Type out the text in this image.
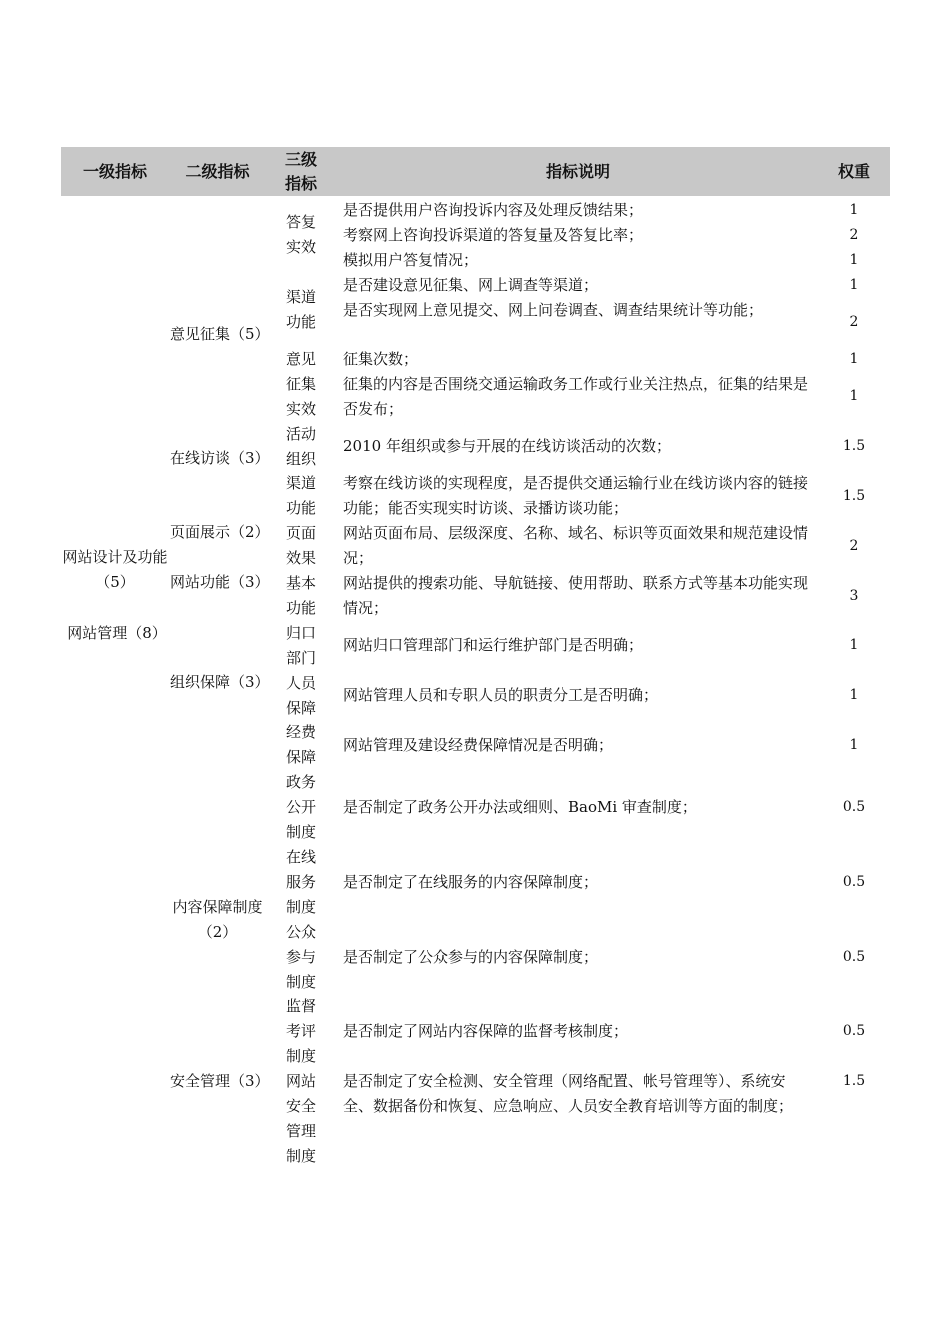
一级指标	二级指标
三级指标
指标说明	权重
网站设计及功能（5）
网站管理（8）
意见征集（5）
在线访谈（3）
页面展示（2）
网站功能（3）
组织保障（3）
内容保障制度（2）
安全管理（3）
答复实效
渠道功能
意见征集实效
活动组织
渠道功能
页面效果
基本功能
归口部门
人员保障
经费保障
政务公开制度
在线服务制度
公众参与制度
监督考评制度
网站安全管理制度
是否提供用户咨询投诉内容及处理反馈结果；
考察网上咨询投诉渠道的答复量及答复比率；
模拟用户答复情况；
是否建设意见征集、网上调查等渠道；
是否实现网上意见提交、网上问卷调查、调查结果统计等功能；
征集次数；
征集的内容是否围绕交通运输政务工作或行业关注热点，征集的结果是否发布；
2010 年组织或参与开展的在线访谈活动的次数；
考察在线访谈的实现程度，是否提供交通运输行业在线访谈内容的链接功能；能否实现实时访谈、录播访谈功能；
网站页面布局、层级深度、名称、域名、标识等页面效果和规范建设情况；
网站提供的搜索功能、导航链接、使用帮助、联系方式等基本功能实现情况；
网站归口管理部门和运行维护部门是否明确；
网站管理人员和专职人员的职责分工是否明确；
网站管理及建设经费保障情况是否明确；
是否制定了政务公开办法或细则、BaoMi 审查制度；
是否制定了在线服务的内容保障制度；
是否制定了公众参与的内容保障制度；
是否制定了网站内容保障的监督考核制度；
是否制定了安全检测、安全管理（网络配置、帐号管理等）、系统安全、数据备份和恢复、应急响应、人员安全教育培训等方面的制度；
1
2
1
1
2
1
1
1.5
1.5
2
3
1
1
1
0.5
0.5
0.5
0.5
1.5
